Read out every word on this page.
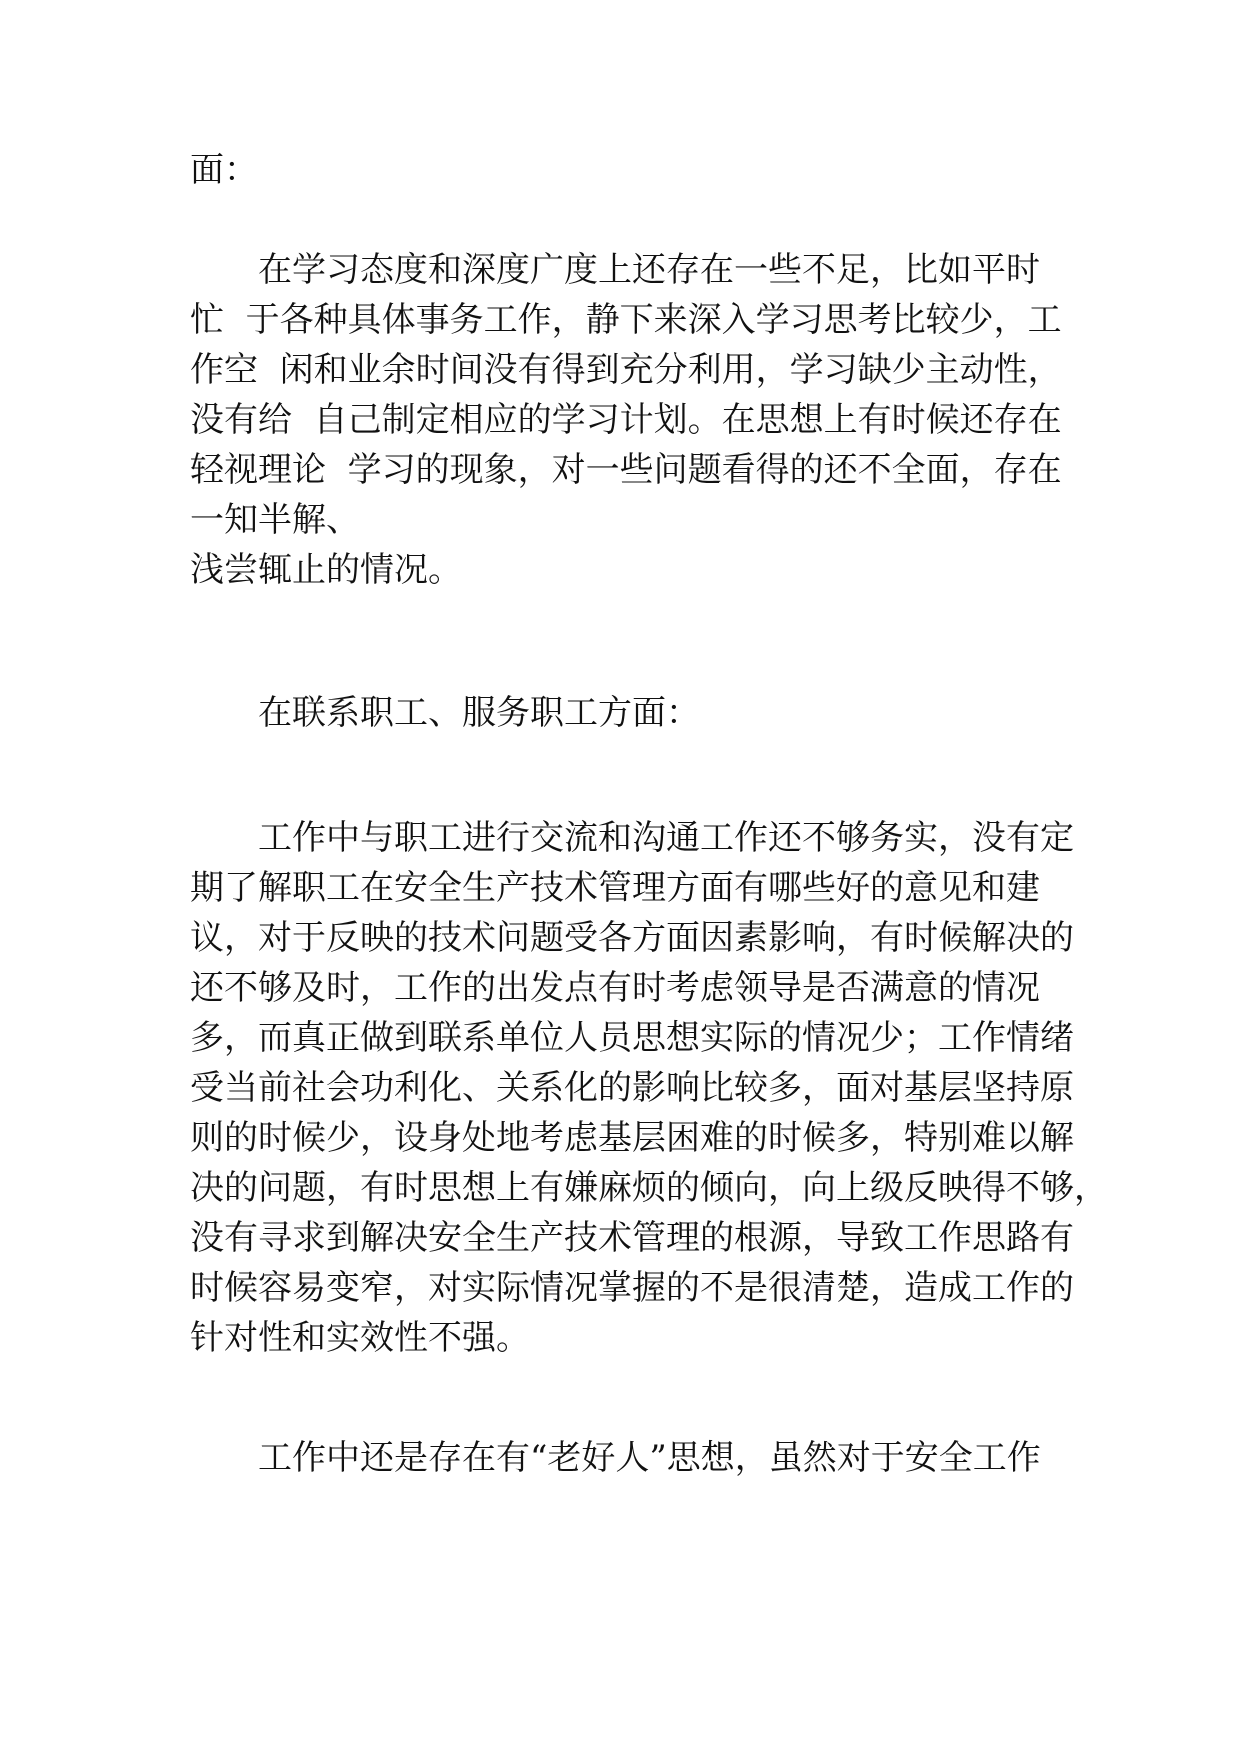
面：

在学习态度和深度广度上还存在一些不足，比如平时

忙  于各种具体事务工作，静下来深入学习思考比较少，工

作空  闲和业余时间没有得到充分利用，学习缺少主动性，

没有给  自己制定相应的学习计划。在思想上有时候还存在

轻视理论  学习的现象，对一些问题看得的还不全面，存在

一知半解、

浅尝辄止的情况。

在联系职工、服务职工方面：

工作中与职工进行交流和沟通工作还不够务实，没有定

期了解职工在安全生产技术管理方面有哪些好的意见和建

议，对于反映的技术问题受各方面因素影响，有时候解决的

还不够及时，工作的出发点有时考虑领导是否满意的情况

多，而真正做到联系单位人员思想实际的情况少；工作情绪

受当前社会功利化、关系化的影响比较多，面对基层坚持原

则的时候少，设身处地考虑基层困难的时候多，特别难以解

决的问题，有时思想上有嫌麻烦的倾向，向上级反映得不够，

没有寻求到解决安全生产技术管理的根源，导致工作思路有

时候容易变窄，对实际情况掌握的不是很清楚，造成工作的

针对性和实效性不强。

工作中还是存在有“老好人”思想，虽然对于安全工作
